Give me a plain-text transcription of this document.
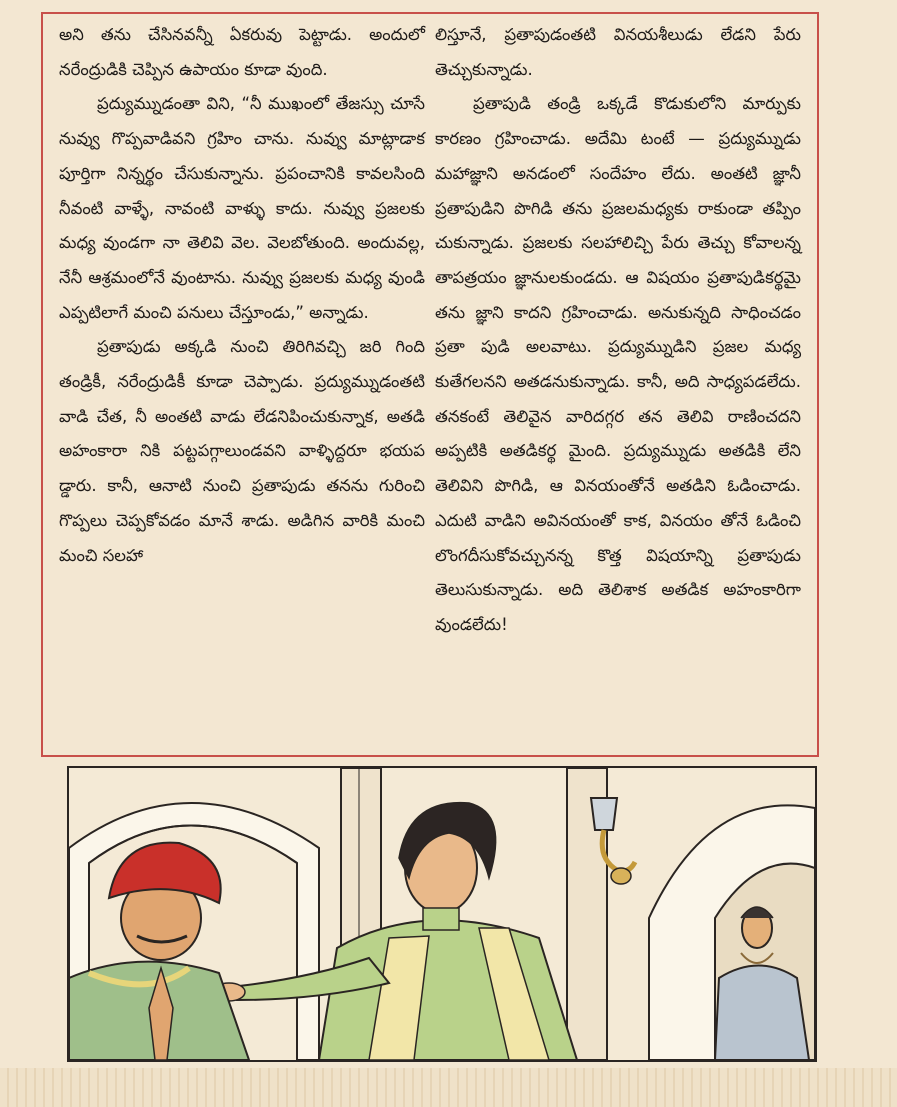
అని తను చేసినవన్నీ ఏకరువు పెట్టాడు. అందులో నరేంద్రుడికి చెప్పిన ఉపాయం కూడా వుంది.

ప్రద్యుమ్నుడంతా విని, “నీ ముఖంలో తేజస్సు చూసే నువ్వు గొప్పవాడివని గ్రహిం చాను. నువ్వు మాట్లాడాక పూర్తిగా నిన్నర్థం చేసుకున్నాను. ప్రపంచానికి కావలసింది నీవంటి వాళ్ళే, నావంటి వాళ్ళు కాదు. నువ్వు ప్రజలకు మధ్య వుండగా నా తెలివి వెల. వెలబోతుంది. అందువల్ల, నేనీ ఆశ్రమంలోనే వుంటాను. నువ్వు ప్రజలకు మధ్య వుండి ఎప్పటిలాగే మంచి పనులు చేస్తూండు,” అన్నాడు.

ప్రతాపుడు అక్కడి నుంచి తిరిగివచ్చి జరి గింది తండ్రికీ, నరేంద్రుడికీ కూడా చెప్పాడు. ప్రద్యుమ్నుడంతటి వాడి చేత, నీ అంతటి వాడు లేడనిపించుకున్నాక, అతడి అహంకారా నికి పట్టపగ్గాలుండవని వాళ్ళిద్దరూ భయప డ్డారు. కానీ, ఆనాటి నుంచి ప్రతాపుడు తనను గురించి గొప్పలు చెప్పకోవడం మానే శాడు. అడిగిన వారికి మంచి మంచి సలహా

లిస్తూనే, ప్రతాపుడంతటి వినయశీలుడు లేడని పేరు తెచ్చుకున్నాడు.

ప్రతాపుడి తండ్రి ఒక్కడే కొడుకులోని మార్పుకు కారణం గ్రహించాడు. అదేమి టంటే — ప్రద్యుమ్నుడు మహాజ్ఞాని అనడంలో సందేహం లేదు. అంతటి జ్ఞానీ ప్రతాపుడిని పొగిడి తను ప్రజలమధ్యకు రాకుండా తప్పిం చుకున్నాడు. ప్రజలకు సలహాలిచ్చి పేరు తెచ్చు కోవాలన్న తాపత్రయం జ్ఞానులకుండదు. ఆ విషయం ప్రతాపుడికర్థమై తను జ్ఞాని కాదని గ్రహించాడు. అనుకున్నది సాధించడం ప్రతా పుడి అలవాటు. ప్రద్యుమ్నుడిని ప్రజల మధ్య కుతేగలనని అతడనుకున్నాడు. కానీ, అది సాధ్యపడలేదు. తనకంటే తెలివైన వారిదగ్గర తన తెలివి రాణించదని అప్పటికి అతడికర్థ మైంది. ప్రద్యుమ్నుడు అతడికి లేని తెలివిని పొగిడి, ఆ వినయంతోనే అతడిని ఓడించాడు. ఎదుటి వాడిని అవినయంతో కాక, వినయం తోనే ఓడించి లొంగదీసుకోవచ్చునన్న కొత్త విషయాన్ని ప్రతాపుడు తెలుసుకున్నాడు. అది తెలిశాక అతడిక అహంకారిగా వుండలేదు!
